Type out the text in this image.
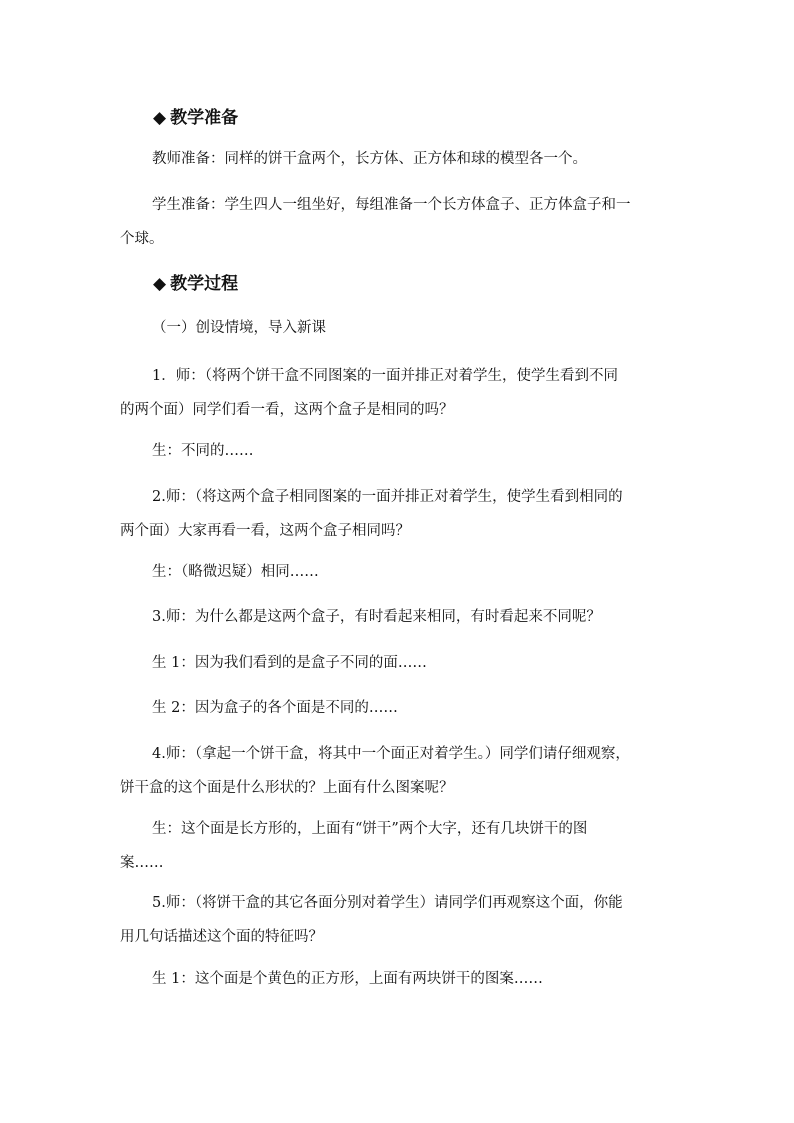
◆ 教学准备

教师准备：同样的饼干盒两个，长方体、正方体和球的模型各一个。

学生准备：学生四人一组坐好，每组准备一个长方体盒子、正方体盒子和一
个球。
◆ 教学过程

（一）创设情境，导入新课

1．师：（将两个饼干盒不同图案的一面并排正对着学生，使学生看到不同
的两个面）同学们看一看，这两个盒子是相同的吗？

生：不同的……

2.师：（将这两个盒子相同图案的一面并排正对着学生，使学生看到相同的
两个面）大家再看一看，这两个盒子相同吗？

生：（略微迟疑）相同……

3.师：为什么都是这两个盒子，有时看起来相同，有时看起来不同呢？

生 1：因为我们看到的是盒子不同的面……

生 2：因为盒子的各个面是不同的……

4.师：（拿起一个饼干盒，将其中一个面正对着学生。）同学们请仔细观察，
饼干盒的这个面是什么形状的？上面有什么图案呢？
生：这个面是长方形的，上面有“饼干”两个大字，还有几块饼干的图
案……
5.师：（将饼干盒的其它各面分别对着学生）请同学们再观察这个面，你能
用几句话描述这个面的特征吗？

生 1：这个面是个黄色的正方形，上面有两块饼干的图案……
